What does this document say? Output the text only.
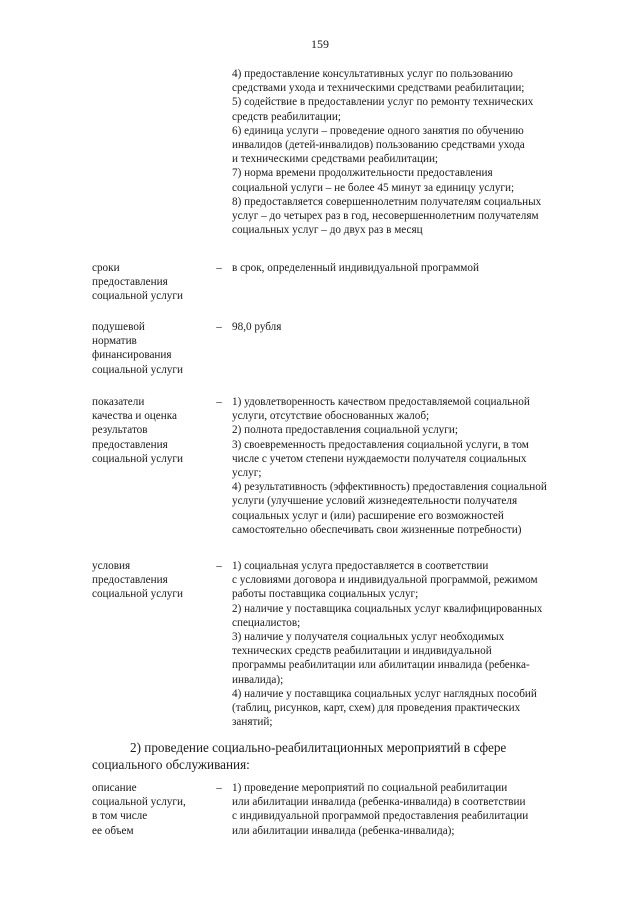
159
4) предоставление консультативных услуг по пользованию
средствами ухода и техническими средствами реабилитации;
5) содействие в предоставлении услуг по ремонту технических
средств реабилитации;
6) единица услуги – проведение одного занятия по обучению
инвалидов (детей-инвалидов) пользованию средствами ухода
и техническими средствами реабилитации;
7) норма времени продолжительности предоставления
социальной услуги – не более 45 минут за единицу услуги;
8) предоставляется совершеннолетним получателям социальных
услуг – до четырех раз в год, несовершеннолетним получателям
социальных услуг – до двух раз в месяц
сроки
предоставления
социальной услуги
– в срок, определенный индивидуальной программой
подушевой
норматив
финансирования
социальной услуги
– 98,0 рубля
показатели
качества и оценка
результатов
предоставления
социальной услуги
– 1) удовлетворенность качеством предоставляемой социальной
услуги, отсутствие обоснованных жалоб;
2) полнота предоставления социальной услуги;
3) своевременность предоставления социальной услуги, в том
числе с учетом степени нуждаемости получателя социальных
услуг;
4) результативность (эффективность) предоставления социальной
услуги (улучшение условий жизнедеятельности получателя
социальных услуг и (или) расширение его возможностей
самостоятельно обеспечивать свои жизненные потребности)
условия
предоставления
социальной услуги
– 1) социальная услуга предоставляется в соответствии
с условиями договора и индивидуальной программой, режимом
работы поставщика социальных услуг;
2) наличие у поставщика социальных услуг квалифицированных
специалистов;
3) наличие у получателя социальных услуг необходимых
технических средств реабилитации и индивидуальной
программы реабилитации или абилитации инвалида (ребенка-
инвалида);
4) наличие у поставщика социальных услуг наглядных пособий
(таблиц, рисунков, карт, схем) для проведения практических
занятий;
2) проведение социально-реабилитационных мероприятий в сфере
социального обслуживания:
описание
социальной услуги,
в том числе
ее объем
– 1) проведение мероприятий по социальной реабилитации
или абилитации инвалида (ребенка-инвалида) в соответствии
с индивидуальной программой предоставления реабилитации
или абилитации инвалида (ребенка-инвалида);
